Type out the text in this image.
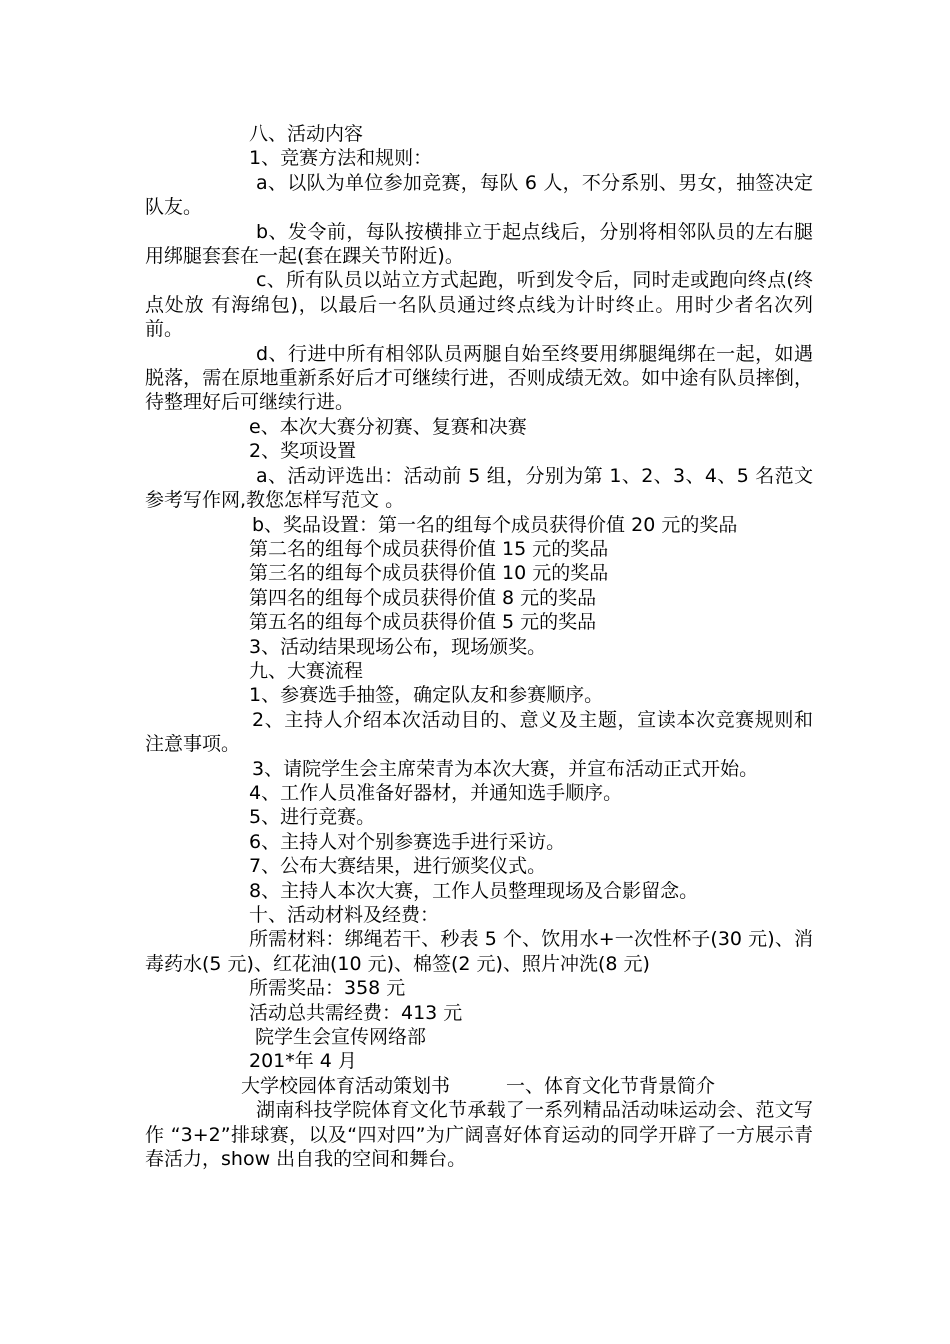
八、活动内容

1、竞赛方法和规则：

a、以队为单位参加竞赛，每队 6 人，不分系别、男女，抽签决定队友。

b、发令前，每队按横排立于起点线后，分别将相邻队员的左右腿用绑腿套套在一起(套在踝关节附近)。

c、所有队员以站立方式起跑，听到发令后，同时走或跑向终点(终点处放 有海绵包)，以最后一名队员通过终点线为计时终止。用时少者名次列前。

d、行进中所有相邻队员两腿自始至终要用绑腿绳绑在一起，如遇脱落，需在原地重新系好后才可继续行进，否则成绩无效。如中途有队员摔倒，待整理好后可继续行进。

e、本次大赛分初赛、复赛和决赛

2、奖项设置

a、活动评选出：活动前 5 组，分别为第 1、2、3、4、5 名范文参考写作网,教您怎样写范文 。

b、奖品设置：第一名的组每个成员获得价值 20 元的奖品

第二名的组每个成员获得价值 15 元的奖品

第三名的组每个成员获得价值 10 元的奖品

第四名的组每个成员获得价值 8 元的奖品

第五名的组每个成员获得价值 5 元的奖品

3、活动结果现场公布，现场颁奖。

九、大赛流程

1、参赛选手抽签，确定队友和参赛顺序。

2、主持人介绍本次活动目的、意义及主题，宣读本次竞赛规则和注意事项。

3、请院学生会主席荣青为本次大赛，并宣布活动正式开始。

4、工作人员准备好器材，并通知选手顺序。

5、进行竞赛。

6、主持人对个别参赛选手进行采访。

7、公布大赛结果，进行颁奖仪式。

8、主持人本次大赛，工作人员整理现场及合影留念。

十、活动材料及经费：

所需材料：绑绳若干、秒表 5 个、饮用水+一次性杯子(30 元)、消毒药水(5 元)、红花油(10 元)、棉签(2 元)、照片冲洗(8 元)

所需奖品：358 元

活动总共需经费：413 元

院学生会宣传网络部

201*年 4 月

大学校园体育活动策划书	一、体育文化节背景简介

湖南科技学院体育文化节承载了一系列精品活动味运动会、范文写作 “3+2”排球赛，以及“四对四”为广阔喜好体育运动的同学开辟了一方展示青春活力，show 出自我的空间和舞台。
